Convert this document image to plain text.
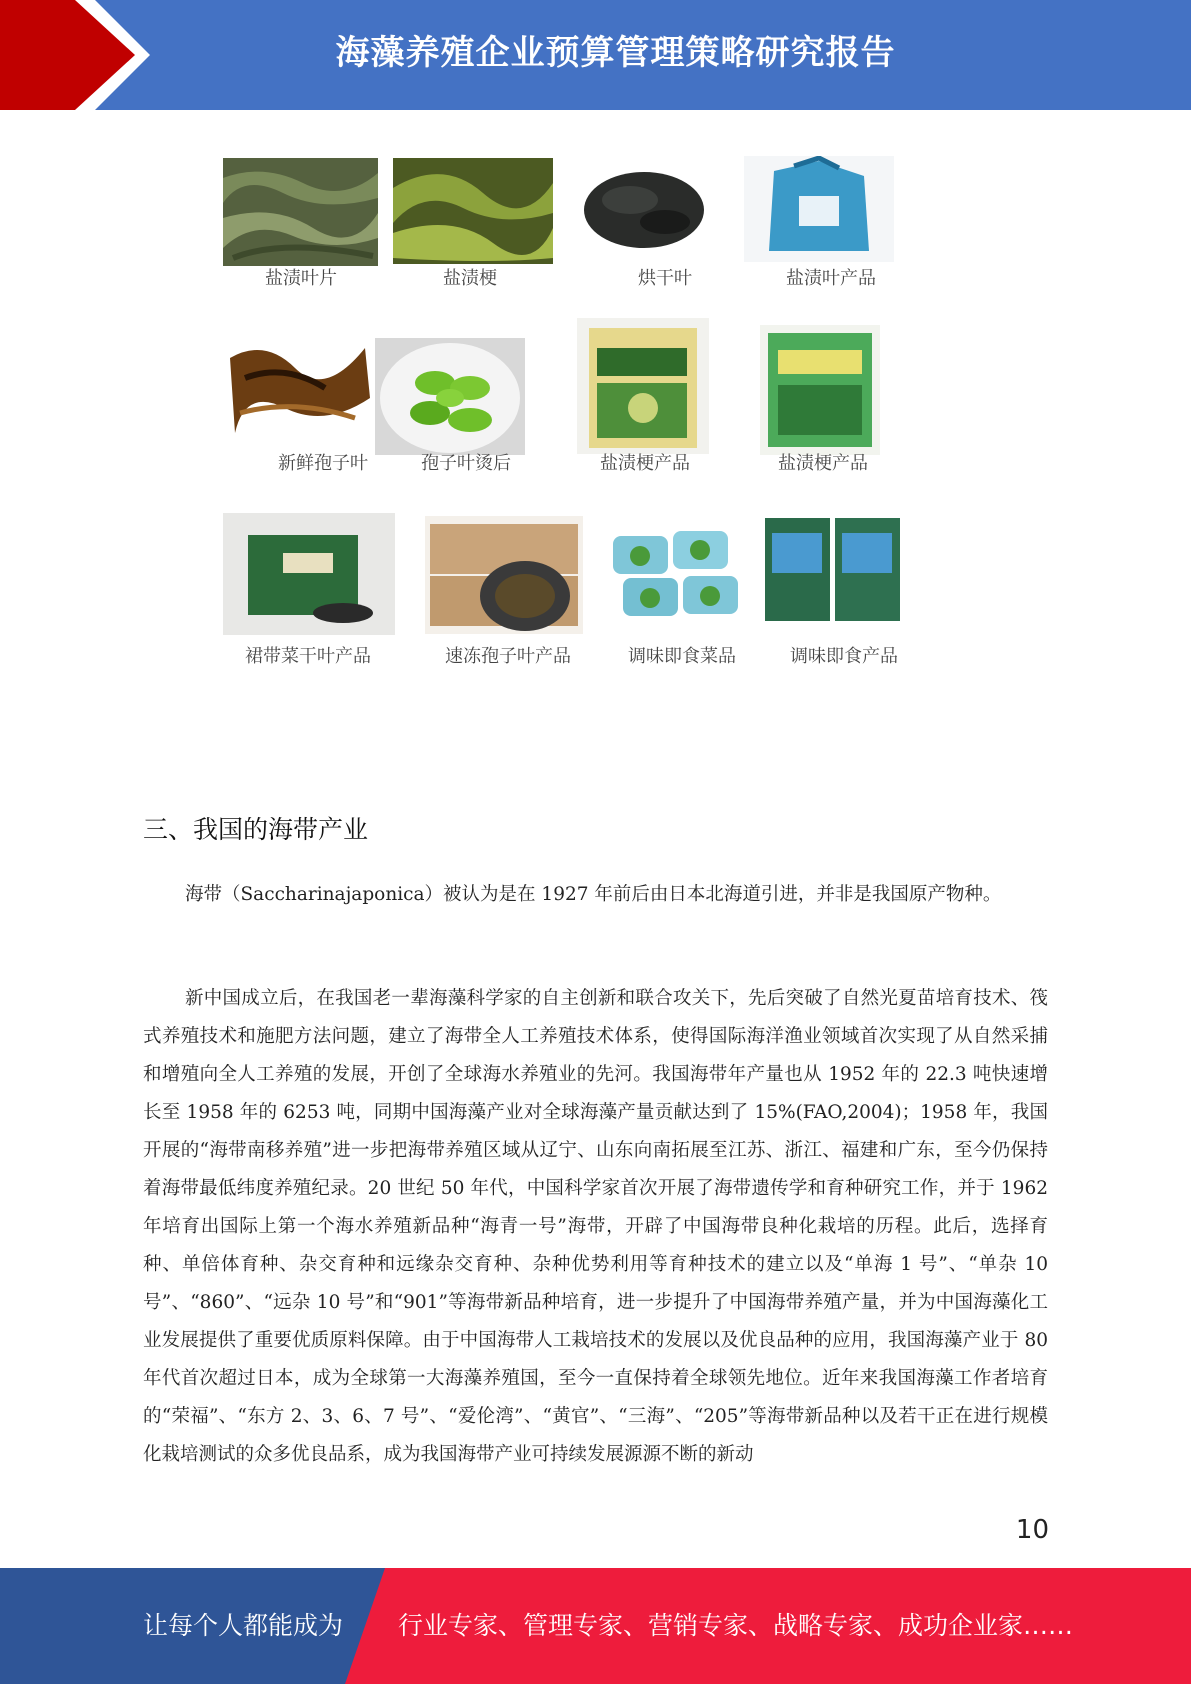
海藻养殖企业预算管理策略研究报告
盐渍叶片	盐渍梗	烘干叶	盐渍叶产品
新鲜孢子叶	孢子叶烫后	盐渍梗产品	盐渍梗产品
裙带菜干叶产品	速冻孢子叶产品	调味即食菜品	调味即食产品
三、我国的海带产业

海带（Saccharinajaponica）被认为是在 1927 年前后由日本北海道引进，并非是我国原产物种。

新中国成立后，在我国老一辈海藻科学家的自主创新和联合攻关下，先后突破了自然光夏苗培育技术、筏式养殖技术和施肥方法问题，建立了海带全人工养殖技术体系，使得国际海洋渔业领域首次实现了从自然采捕和增殖向全人工养殖的发展，开创了全球海水养殖业的先河。我国海带年产量也从 1952 年的 22.3 吨快速增长至 1958 年的 6253 吨，同期中国海藻产业对全球海藻产量贡献达到了 15%(FAO,2004)；1958 年，我国开展的“海带南移养殖”进一步把海带养殖区域从辽宁、山东向南拓展至江苏、浙江、福建和广东，至今仍保持着海带最低纬度养殖纪录。20 世纪 50 年代，中国科学家首次开展了海带遗传学和育种研究工作，并于 1962 年培育出国际上第一个海水养殖新品种“海青一号”海带，开辟了中国海带良种化栽培的历程。此后，选择育种、单倍体育种、杂交育种和远缘杂交育种、杂种优势利用等育种技术的建立以及“单海 1 号”、“单杂 10 号”、“860”、“远杂 10 号”和“901”等海带新品种培育，进一步提升了中国海带养殖产量，并为中国海藻化工业发展提供了重要优质原料保障。由于中国海带人工栽培技术的发展以及优良品种的应用，我国海藻产业于 80 年代首次超过日本，成为全球第一大海藻养殖国，至今一直保持着全球领先地位。近年来我国海藻工作者培育的“荣福”、“东方 2、3、6、7 号”、“爱伦湾”、“黄官”、“三海”、“205”等海带新品种以及若干正在进行规模化栽培测试的众多优良品系，成为我国海带产业可持续发展源源不断的新动

10
让每个人都能成为 行业专家、管理专家、营销专家、战略专家、成功企业家……
